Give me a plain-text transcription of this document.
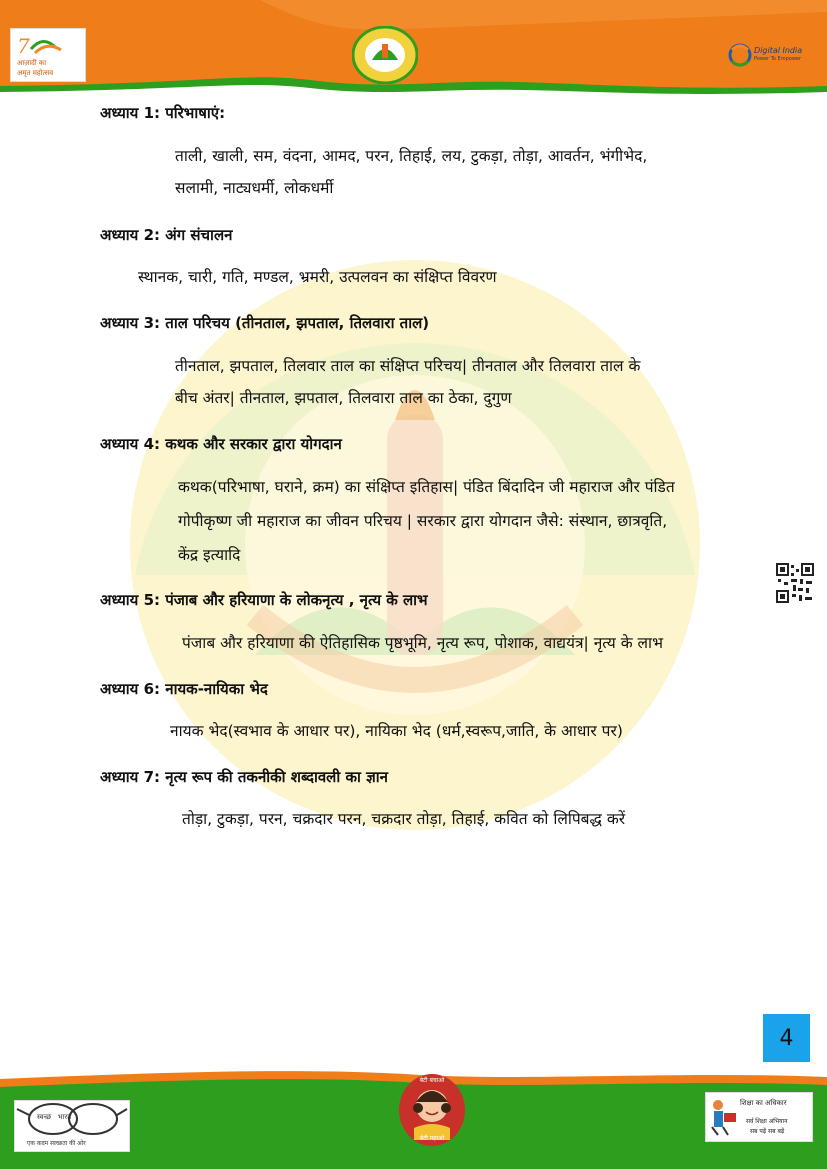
7
आज़ादी का
अमृत महोत्सव
Digital India
Power To Empower
अध्याय 1: परिभाषाएं:
ताली, खाली, सम, वंदना, आमद, परन, तिहाई, लय, टुकड़ा, तोड़ा, आवर्तन, भंगीभेद,
सलामी, नाट्यधर्मी, लोकधर्मी
अध्याय 2: अंग संचालन
स्थानक, चारी, गति, मण्डल, भ्रमरी, उत्पलवन का संक्षिप्त विवरण
अध्याय 3: ताल परिचय (तीनताल, झपताल, तिलवारा ताल)
तीनताल, झपताल, तिलवार ताल का संक्षिप्त परिचय| तीनताल और तिलवारा ताल के
बीच अंतर| तीनताल, झपताल, तिलवारा ताल का ठेका, दुगुण
अध्याय 4: कथक और सरकार द्वारा योगदान
कथक(परिभाषा, घराने, क्रम) का संक्षिप्त इतिहास| पंडित बिंदादिन जी महाराज और पंडित
गोपीकृष्ण जी महाराज का जीवन परिचय | सरकार द्वारा योगदान जैसे: संस्थान, छात्रवृति,
केंद्र इत्यादि
अध्याय 5: पंजाब और हरियाणा के लोकनृत्य , नृत्य के लाभ
पंजाब और हरियाणा की ऐतिहासिक पृष्ठभूमि, नृत्य रूप, पोशाक, वाद्ययंत्र| नृत्य के लाभ
अध्याय 6: नायक-नायिका भेद
नायक भेद(स्वभाव के आधार पर), नायिका भेद (धर्म,स्वरूप,जाति, के आधार पर)
अध्याय 7: नृत्य रूप की तकनीकी शब्दावली का ज्ञान
तोड़ा, टुकड़ा, परन, चक्रदार परन, चक्रदार तोड़ा, तिहाई, कवित को लिपिबद्ध करें
4
स्वच्छ   भारत
एक कदम स्वच्छता की ओर
बेटी बचाओ
बेटी पढ़ाओ
शिक्षा का अधिकार
सर्व शिक्षा अभियान
सब पढ़ें सब बढ़ें
